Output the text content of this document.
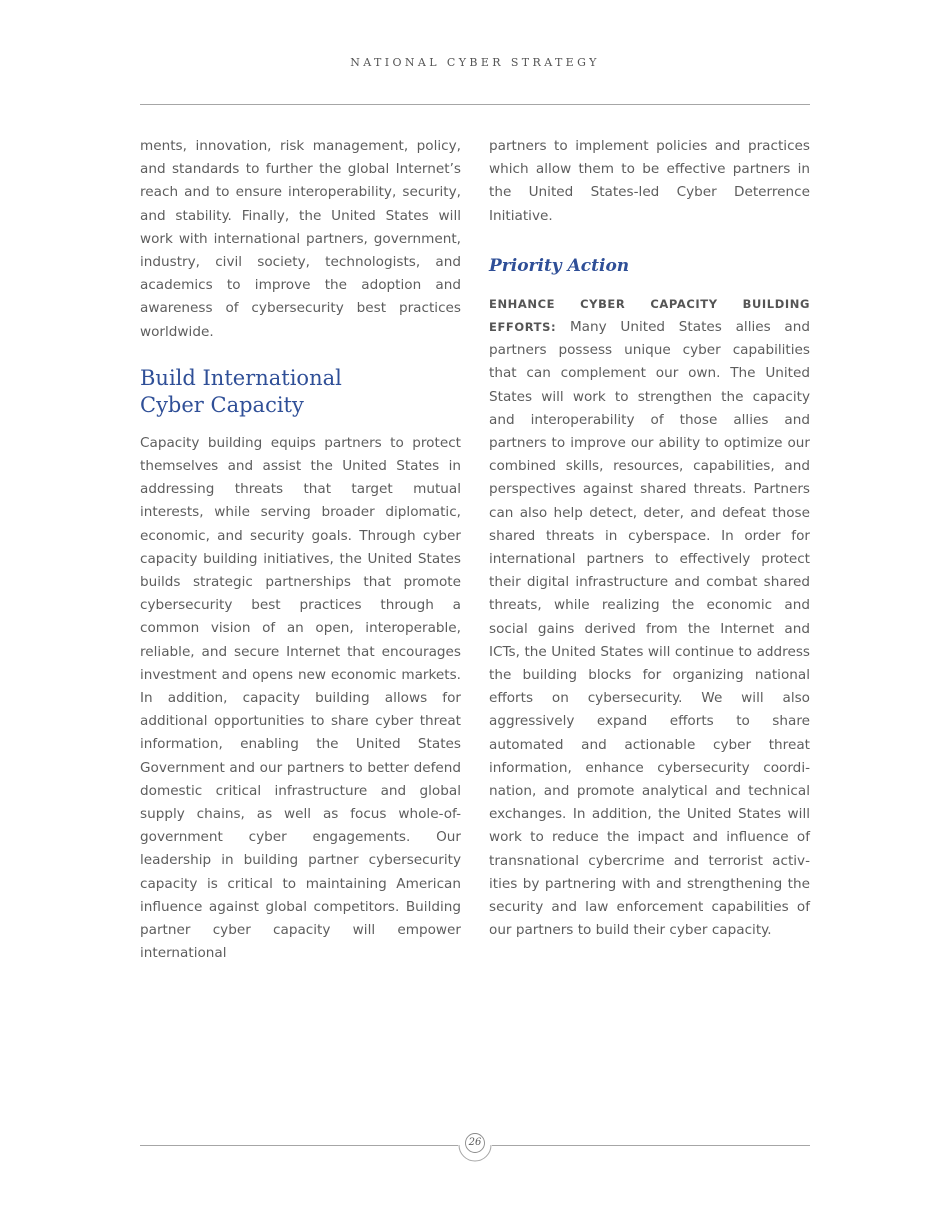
NATIONAL CYBER STRATEGY

ments, innovation, risk management, policy, and standards to further the global Internet’s reach and to ensure interoperability, security, and stability. Finally, the United States will work with international partners, government, industry, civil society, technologists, and academics to improve the adoption and awareness of cybersecurity best practices worldwide.

Build International
Cyber Capacity

Capacity building equips partners to protect themselves and assist the United States in addressing threats that target mutual interests, while serving broader diplomatic, economic, and security goals. Through cyber capacity building initiatives, the United States builds strategic partnerships that promote cybersecurity best practices through a common vision of an open, interoperable, reliable, and secure Internet that encourages investment and opens new economic markets. In addition, capacity building allows for additional opportunities to share cyber threat information, enabling the United States Government and our partners to better defend domestic critical infrastructure and global supply chains, as well as focus whole-of-government cyber engagements. Our leadership in building partner cybersecurity capacity is critical to maintaining American influence against global competitors. Building partner cyber capacity will empower international

partners to implement policies and practices which allow them to be effective partners in the United States-led Cyber Deterrence Initiative.

Priority Action

ENHANCE CYBER CAPACITY BUILDING EFFORTS: Many United States allies and partners possess unique cyber capabilities that can complement our own. The United States will work to strengthen the capacity and interoperability of those allies and partners to improve our ability to optimize our combined skills, resources, capabilities, and perspectives against shared threats. Partners can also help detect, deter, and defeat those shared threats in cyberspace. In order for international partners to effectively protect their digital infrastructure and combat shared threats, while realizing the economic and social gains derived from the Internet and ICTs, the United States will continue to address the building blocks for organizing national efforts on cybersecurity. We will also aggressively expand efforts to share automated and actionable cyber threat information, enhance cybersecurity coordination, and promote analytical and technical exchanges. In addition, the United States will work to reduce the impact and influence of transnational cybercrime and terrorist activities by partnering with and strengthening the security and law enforcement capabilities of our partners to build their cyber capacity.

26
